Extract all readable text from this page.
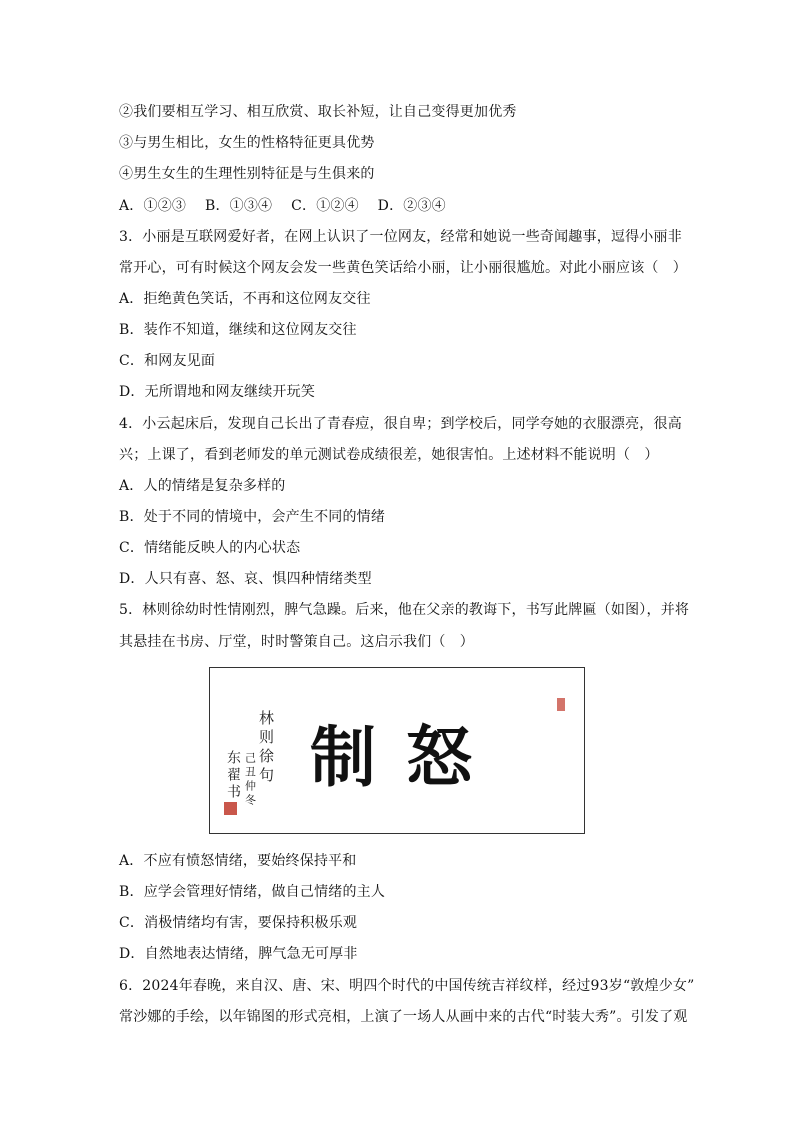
②我们要相互学习、相互欣赏、取长补短，让自己变得更加优秀
③与男生相比，女生的性格特征更具优势
④男生女生的生理性别特征是与生俱来的
A．①②③　 B．①③④　 C．①②④　 D．②③④
3．小丽是互联网爱好者，在网上认识了一位网友，经常和她说一些奇闻趣事，逗得小丽非
常开心，可有时候这个网友会发一些黄色笑话给小丽，让小丽很尴尬。对此小丽应该（　）
A．拒绝黄色笑话，不再和这位网友交往
B．装作不知道，继续和这位网友交往
C．和网友见面
D．无所谓地和网友继续开玩笑
4．小云起床后，发现自己长出了青春痘，很自卑；到学校后，同学夸她的衣服漂亮，很高
兴；上课了，看到老师发的单元测试卷成绩很差，她很害怕。上述材料不能说明（　）
A．人的情绪是复杂多样的
B．处于不同的情境中，会产生不同的情绪
C．情绪能反映人的内心状态
D．人只有喜、怒、哀、惧四种情绪类型
5．林则徐幼时性情刚烈，脾气急躁。后来，他在父亲的教诲下，书写此牌匾（如图），并将
其悬挂在书房、厅堂，时时警策自己。这启示我们（　）
林则徐句
己丑仲冬
东翟书 制怒
A．不应有愤怒情绪，要始终保持平和
B．应学会管理好情绪，做自己情绪的主人
C．消极情绪均有害，要保持积极乐观
D．自然地表达情绪，脾气急无可厚非
6．2024年春晚，来自汉、唐、宋、明四个时代的中国传统吉祥纹样，经过93岁“敦煌少女”
常沙娜的手绘，以年锦图的形式亮相，上演了一场人从画中来的古代“时装大秀”。引发了观
